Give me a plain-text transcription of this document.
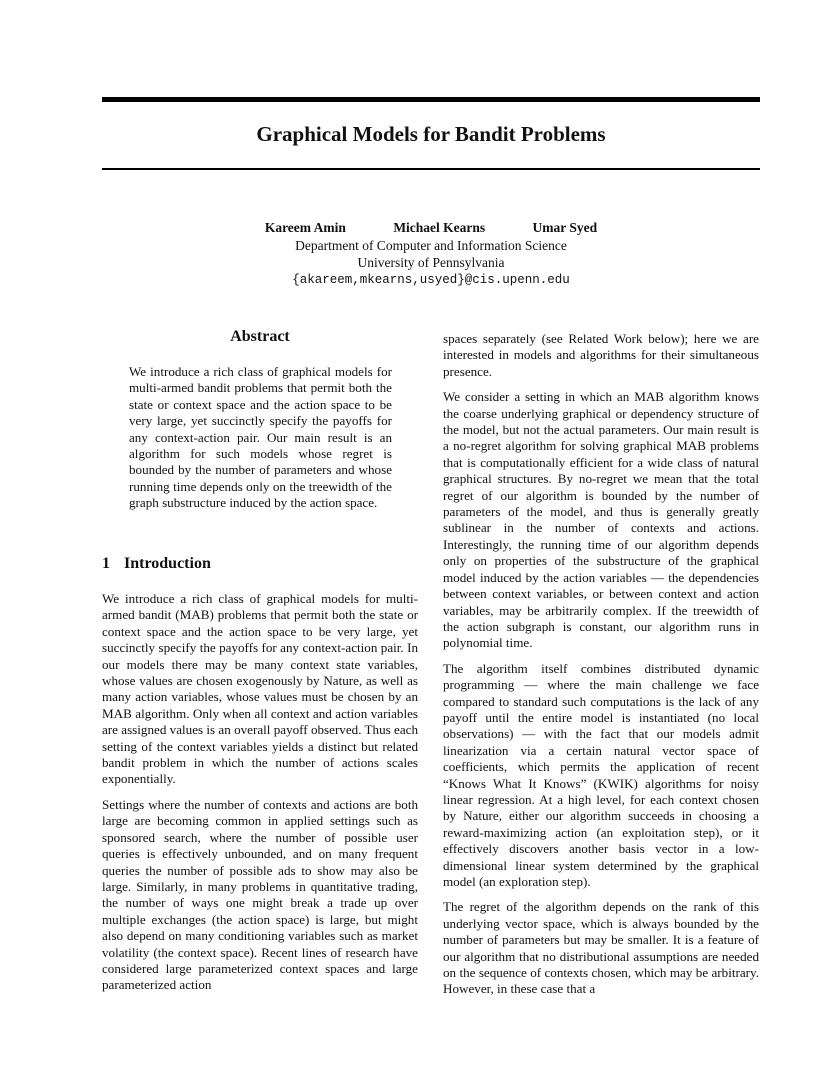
Graphical Models for Bandit Problems
Kareem Amin	Michael Kearns	Umar Syed
Department of Computer and Information Science
University of Pennsylvania
{akareem,mkearns,usyed}@cis.upenn.edu
Abstract
We introduce a rich class of graphical models for multi-armed bandit problems that permit both the state or context space and the action space to be very large, yet succinctly specify the payoffs for any context-action pair. Our main result is an algorithm for such models whose regret is bounded by the number of parameters and whose running time depends only on the treewidth of the graph substructure induced by the action space.
1 Introduction

We introduce a rich class of graphical models for multi-armed bandit (MAB) problems that permit both the state or context space and the action space to be very large, yet succinctly specify the payoffs for any context-action pair. In our models there may be many context state variables, whose values are chosen exogenously by Nature, as well as many action variables, whose values must be chosen by an MAB algorithm. Only when all context and action variables are assigned values is an overall payoff observed. Thus each setting of the context variables yields a distinct but related bandit problem in which the number of actions scales exponentially.

Settings where the number of contexts and actions are both large are becoming common in applied settings such as sponsored search, where the number of possible user queries is effectively unbounded, and on many frequent queries the number of possible ads to show may also be large. Similarly, in many problems in quantitative trading, the number of ways one might break a trade up over multiple exchanges (the action space) is large, but might also depend on many conditioning variables such as market volatility (the context space). Recent lines of research have considered large parameterized context spaces and large parameterized action

spaces separately (see Related Work below); here we are interested in models and algorithms for their simultaneous presence.

We consider a setting in which an MAB algorithm knows the coarse underlying graphical or dependency structure of the model, but not the actual parameters. Our main result is a no-regret algorithm for solving graphical MAB problems that is computationally efficient for a wide class of natural graphical structures. By no-regret we mean that the total regret of our algorithm is bounded by the number of parameters of the model, and thus is generally greatly sublinear in the number of contexts and actions. Interestingly, the running time of our algorithm depends only on properties of the substructure of the graphical model induced by the action variables — the dependencies between context variables, or between context and action variables, may be arbitrarily complex. If the treewidth of the action subgraph is constant, our algorithm runs in polynomial time.

The algorithm itself combines distributed dynamic programming — where the main challenge we face compared to standard such computations is the lack of any payoff until the entire model is instantiated (no local observations) — with the fact that our models admit linearization via a certain natural vector space of coefficients, which permits the application of recent “Knows What It Knows” (KWIK) algorithms for noisy linear regression. At a high level, for each context chosen by Nature, either our algorithm succeeds in choosing a reward-maximizing action (an exploitation step), or it effectively discovers another basis vector in a low-dimensional linear system determined by the graphical model (an exploration step).

The regret of the algorithm depends on the rank of this underlying vector space, which is always bounded by the number of parameters but may be smaller. It is a feature of our algorithm that no distributional assumptions are needed on the sequence of contexts chosen, which may be arbitrary. However, in these case that a
